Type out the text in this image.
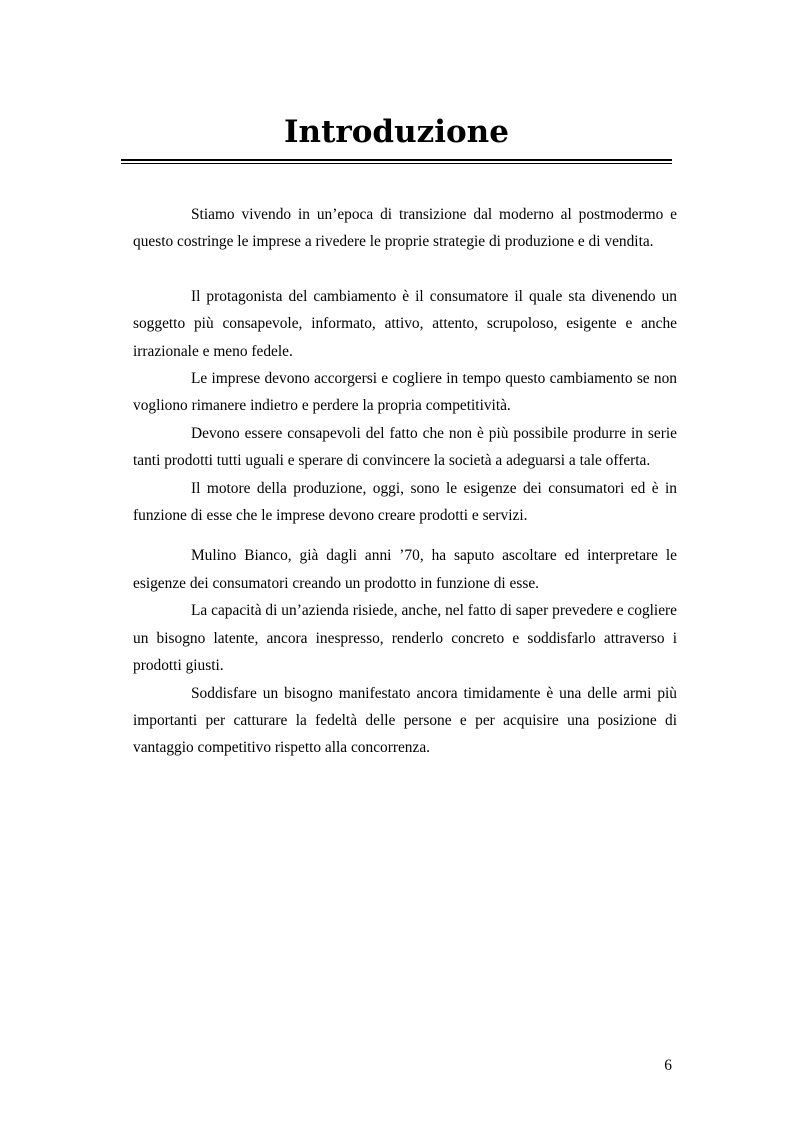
Introduzione

Stiamo vivendo in un’epoca di transizione dal moderno al postmodermo e questo costringe le imprese a rivedere le proprie strategie di produzione e di vendita.

Il protagonista del cambiamento è il consumatore il quale sta divenendo un soggetto più consapevole, informato, attivo, attento, scrupoloso, esigente e anche irrazionale e meno fedele.

Le imprese devono accorgersi e cogliere in tempo questo cambiamento se non vogliono rimanere indietro e perdere la propria competitività.

Devono essere consapevoli del fatto che non è più possibile produrre in serie tanti prodotti tutti uguali e sperare di convincere la società a adeguarsi a tale offerta.

Il motore della produzione, oggi, sono le esigenze dei consumatori ed è in funzione di esse che le imprese devono creare prodotti e servizi.

Mulino Bianco, già dagli anni ’70, ha saputo ascoltare ed interpretare le esigenze dei consumatori creando un prodotto in funzione di esse.

La capacità di un’azienda risiede, anche, nel fatto di saper prevedere e cogliere un bisogno latente, ancora inespresso, renderlo concreto e soddisfarlo attraverso i prodotti giusti.

Soddisfare un bisogno manifestato ancora timidamente è una delle armi più importanti per catturare la fedeltà delle persone e per acquisire una posizione di vantaggio competitivo rispetto alla concorrenza.

6
